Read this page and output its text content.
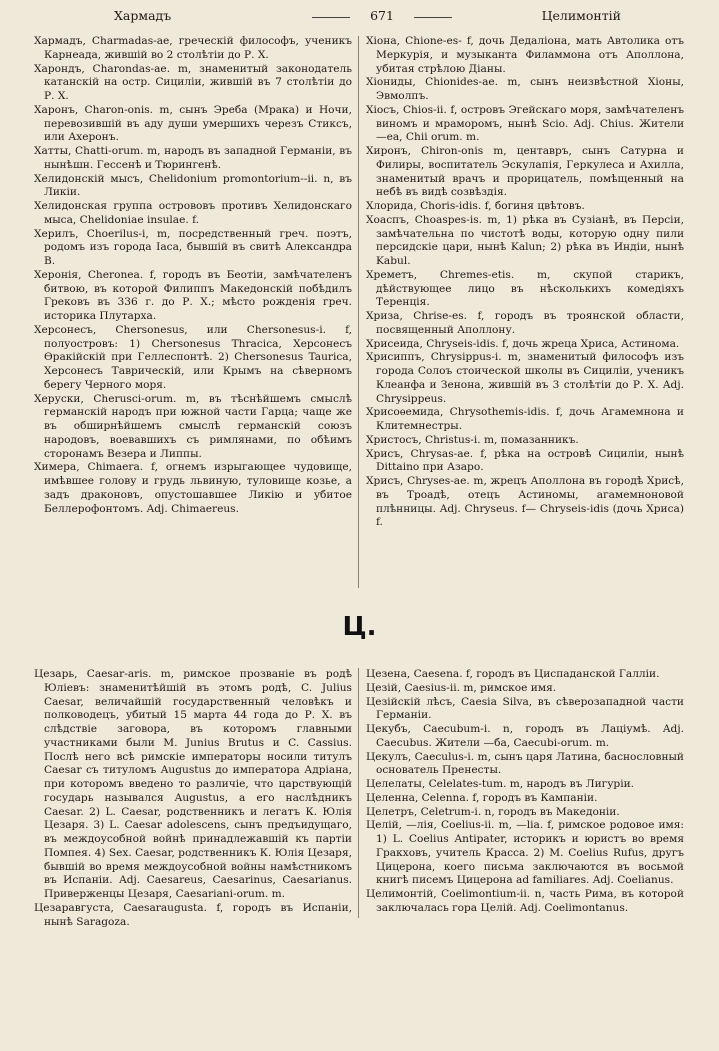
Хармадъ	671	Целимонтій

Хармадъ, Charmadas-ae, греческій философъ, ученикъ Карнеада, жившій во 2 столѣтіи до Р. Х.

Харондъ, Charondas-ae. m, знаменитый законодатель катанскій на остр. Сициліи, жившій въ 7 столѣтіи до Р. Х.

Харонъ, Charon-onis. m, сынъ Эреба (Мрака) и Ночи, перевозившій въ аду души умершихъ черезъ Стиксъ, или Ахеронъ.

Хатты, Chatti-orum. m, народъ въ западной Германіи, въ нынѣшн. Гессенѣ и Тюрингенѣ.

Хелидонскій мысъ, Chelidonium promontorium--ii. n, въ Ликіи.

Хелидонская группа острововъ противъ Хелидонскаго мыса, Chelidoniae insulae. f.

Херилъ, Choerilus-i, m, посредственный греч. поэтъ, родомъ изъ города Iаса, бывшій въ свитѣ Александра В.

Херонія, Cheronea. f, городъ въ Беотіи, замѣчателенъ битвою, въ которой Филиппъ Македонскій побѣдилъ Грековъ въ 336 г. до Р. Х.; мѣсто рожденія греч. историка Плутарха.

Херсонесъ, Chersonesus, или Chersonesus-i. f, полуостровъ: 1) Chersonesus Thracica, Херсонесъ Ѳракійскій при Геллеспонтѣ. 2) Chersonesus Taurica, Херсонесъ Таврическій, или Крымъ на сѣверномъ берегу Черного моря.

Херуски, Cherusci-orum. m, въ тѣснѣйшемъ смыслѣ германскій народъ при южной части Гарца; чаще же въ обширнѣйшемъ смыслѣ германскій союзъ народовъ, воевавшихъ съ римлянами, по обѣимъ сторонамъ Везера и Липпы.

Химера, Chimaera. f, огнемъ изрыгающее чудовище, имѣвшее голову и грудь львиную, туловище козье, а задъ драконовъ, опустошавшее Ликію и убитое Беллерофонтомъ. Adj. Chimaereus.

Хіона, Chione-es- f, дочь Дедаліона, мать Автолика отъ Меркурія, и музыканта Филаммона отъ Аполлона, убитая стрѣлою Діаны.

Хіониды, Chionides-ae. m, сынъ неизвѣстной Хіоны, Эвмолпъ.

Хіосъ, Chios-ii. f, островъ Эгейскаго моря, замѣчателенъ виномъ и мраморомъ, нынѣ Scio. Adj. Chius. Жители —ea, Chii orum. m.

Хиронъ, Chiron-onis m, центавръ, сынъ Сатурна и Филиры, воспитатель Эскулапія, Геркулеса и Ахилла, знаменитый врачъ и прорицатель, помѣщенный на небѣ въ видѣ созвѣздія.

Хлорида, Choris-idis. f, богиня цвѣтовъ.

Хоаспъ, Choaspes-is. m, 1) рѣка въ Сузіанѣ, въ Персіи, замѣчательна по чистотѣ воды, которую одну пили персидскіе цари, нынѣ Kalun; 2) рѣка въ Индіи, нынѣ Kabul.

Хреметъ, Chremes-etis. m, скупой старикъ, дѣйствующее лицо въ нѣсколькихъ комедіяхъ Теренція.

Хриза, Chrise-es. f, городъ въ троянской области, посвященный Аполлону.

Хрисеида, Chryseis-idis. f, дочь жреца Хриса, Астинома.

Хрисиппъ, Chrysippus-i. m, знаменитый философъ изъ города Солоъ стоической школы въ Сициліи, ученикъ Клеанфа и Зенона, жившій въ 3 столѣтіи до Р. Х. Adj. Chrysippeus.

Хрисоѳемида, Chrysothemis-idis. f, дочь Агамемнона и Клитемнестры.

Христосъ, Christus-i. m, помазанникъ.

Хрисъ, Chrysas-ae. f, рѣка на островѣ Сициліи, нынѣ Dittaino при Азаро.

Хрисъ, Chryses-ae. m, жрецъ Аполлона въ городѣ Хрисѣ, въ Троадѣ, отецъ Астиномы, агамемноновой плѣнницы. Adj. Chryseus. f— Chryseis-idis (дочь Хриса) f.

Ц.

Цезарь, Caesar-aris. m, римское прозваніе въ родѣ Юліевъ: знаменитѣйшій въ этомъ родѣ, C. Julius Caesar, величайшій государственный человѣкъ и полководецъ, убитый 15 марта 44 года до Р. Х. въ слѣдствіе заговора, въ которомъ главными участниками были M. Junius Brutus и C. Cassius. Послѣ него всѣ римскіе императоры носили титулъ Caesar съ титуломъ Augustus до императора Адріана, при которомъ введено то различіе, что царствующій государь назывался Augustus, а его наслѣдникъ Caesar. 2) L. Caesar, родственникъ и легатъ К. Юлія Цезаря. 3) L. Caesar adolescens, сынъ предъидущаго, въ междоусобной войнѣ принадлежавшій къ партіи Помпея. 4) Sex. Caesar, родственникъ К. Юлія Цезаря, бывшій во время междоусобной войны намѣстникомъ въ Испаніи. Adj. Caesareus, Caesarinus, Caesarianus. Приверженцы Цезаря, Caesariani-orum. m.

Цезаравгуста, Caesaraugusta. f, городъ въ Испаніи, нынѣ Saragoza.

Цезена, Caesena. f, городъ въ Циспаданской Галліи.

Цезій, Caesius-ii. m, римское имя.

Цезійскій лѣсъ, Caesia Silva, въ сѣверозападной части Германіи.

Цекубъ, Caecubum-i. n, городъ въ Лаціумѣ. Adj. Caecubus. Жители —ба, Caecubi-orum. m.

Цекулъ, Caeculus-i. m, сынъ царя Латина, баснословный основатель Пренесты.

Целелаты, Celelates-tum. m, народъ въ Лигуріи.

Целенна, Celenna. f, городъ въ Кампаніи.

Целетръ, Celetrum-i. n, городъ въ Македоніи.

Целій, —лія, Coelius-ii. m, —lia. f, римское родовое имя: 1) L. Coelius Antipater, историкъ и юристъ во время Гракховъ, учитель Красса. 2) M. Coelius Rufus, другъ Цицерона, коего письма заключаются въ восьмой книгѣ писемъ Цицерона ad familiares. Adj. Coelianus.

Целимонтій, Coelimontium-ii. n, часть Рима, въ которой заключалась гора Целій. Adj. Coelimontanus.
